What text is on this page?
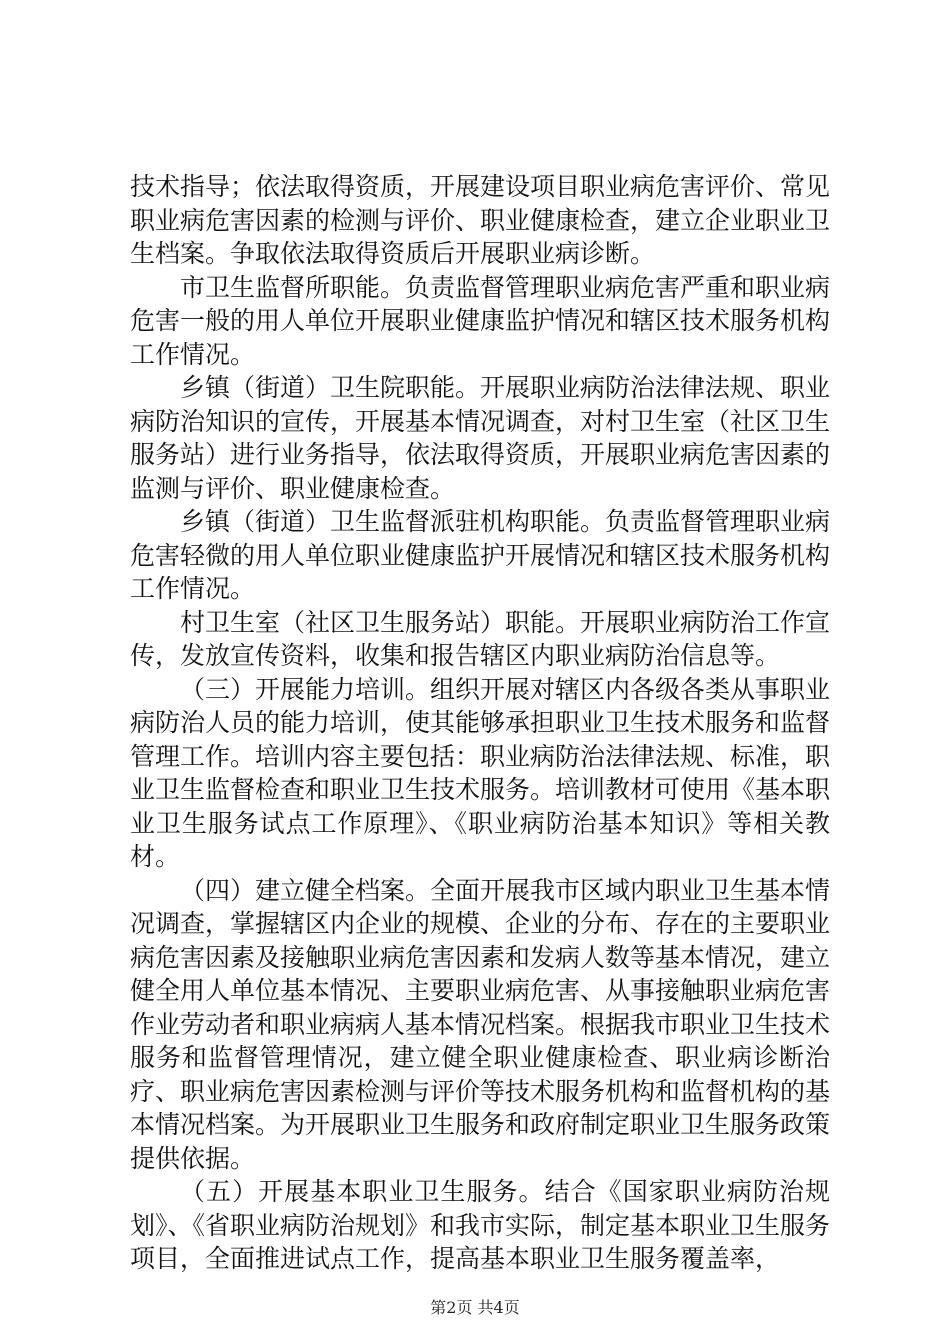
技术指导；依法取得资质，开展建设项目职业病危害评价、常见职业病危害因素的检测与评价、职业健康检查，建立企业职业卫生档案。争取依法取得资质后开展职业病诊断。

市卫生监督所职能。负责监督管理职业病危害严重和职业病危害一般的用人单位开展职业健康监护情况和辖区技术服务机构工作情况。

乡镇（街道）卫生院职能。开展职业病防治法律法规、职业病防治知识的宣传，开展基本情况调查，对村卫生室（社区卫生服务站）进行业务指导，依法取得资质，开展职业病危害因素的监测与评价、职业健康检查。

乡镇（街道）卫生监督派驻机构职能。负责监督管理职业病危害轻微的用人单位职业健康监护开展情况和辖区技术服务机构工作情况。

村卫生室（社区卫生服务站）职能。开展职业病防治工作宣传，发放宣传资料，收集和报告辖区内职业病防治信息等。

（三）开展能力培训。组织开展对辖区内各级各类从事职业病防治人员的能力培训，使其能够承担职业卫生技术服务和监督管理工作。培训内容主要包括：职业病防治法律法规、标准，职业卫生监督检查和职业卫生技术服务。培训教材可使用《基本职业卫生服务试点工作原理》、《职业病防治基本知识》等相关教材。

（四）建立健全档案。全面开展我市区域内职业卫生基本情况调查，掌握辖区内企业的规模、企业的分布、存在的主要职业病危害因素及接触职业病危害因素和发病人数等基本情况，建立健全用人单位基本情况、主要职业病危害、从事接触职业病危害作业劳动者和职业病病人基本情况档案。根据我市职业卫生技术服务和监督管理情况，建立健全职业健康检查、职业病诊断治疗、职业病危害因素检测与评价等技术服务机构和监督机构的基本情况档案。为开展职业卫生服务和政府制定职业卫生服务政策提供依据。

（五）开展基本职业卫生服务。结合《国家职业病防治规划》、《省职业病防治规划》和我市实际，制定基本职业卫生服务项目，全面推进试点工作，提高基本职业卫生服务覆盖率，

第2页 共4页
